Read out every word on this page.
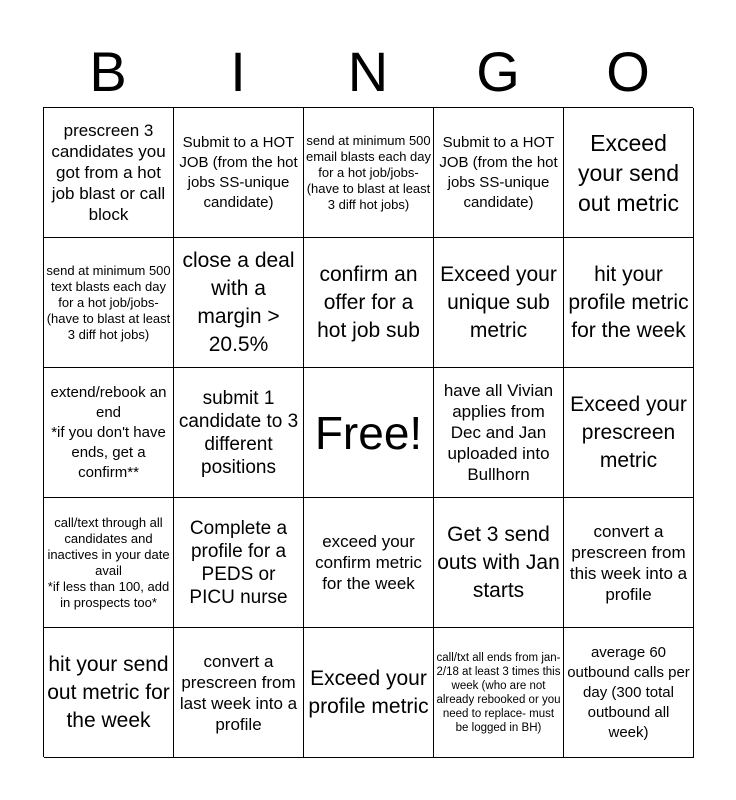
B	I	N	G	O
prescreen 3 candidates you got from a hot job blast or call block
Submit to a HOT JOB (from the hot jobs SS-unique candidate)
send at minimum 500 email blasts each day for a hot job/jobs- (have to blast at least 3 diff hot jobs)
Submit to a HOT JOB (from the hot jobs SS-unique candidate)
Exceed your send out metric
send at minimum 500 text blasts each day for a hot job/jobs- (have to blast at least 3 diff hot jobs)
close a deal with a margin > 20.5%
confirm an offer for a hot job sub
Exceed your unique sub metric
hit your profile metric for the week
extend/rebook an end
*if you don't have ends, get a confirm**
submit 1 candidate to 3 different positions
Free!
have all Vivian applies from Dec and Jan uploaded into Bullhorn
Exceed your prescreen metric
call/text through all candidates and inactives in your date avail
*if less than 100, add in prospects too*
Complete a profile for a PEDS or PICU nurse
exceed your confirm metric for the week
Get 3 send outs with Jan starts
convert a prescreen from this week into a profile
hit your send out metric for the week
convert a prescreen from last week into a profile
Exceed your profile metric
call/txt all ends from jan-2/18 at least 3 times this week (who are not already rebooked or you need to replace- must be logged in BH)
average 60 outbound calls per day (300 total outbound all week)
